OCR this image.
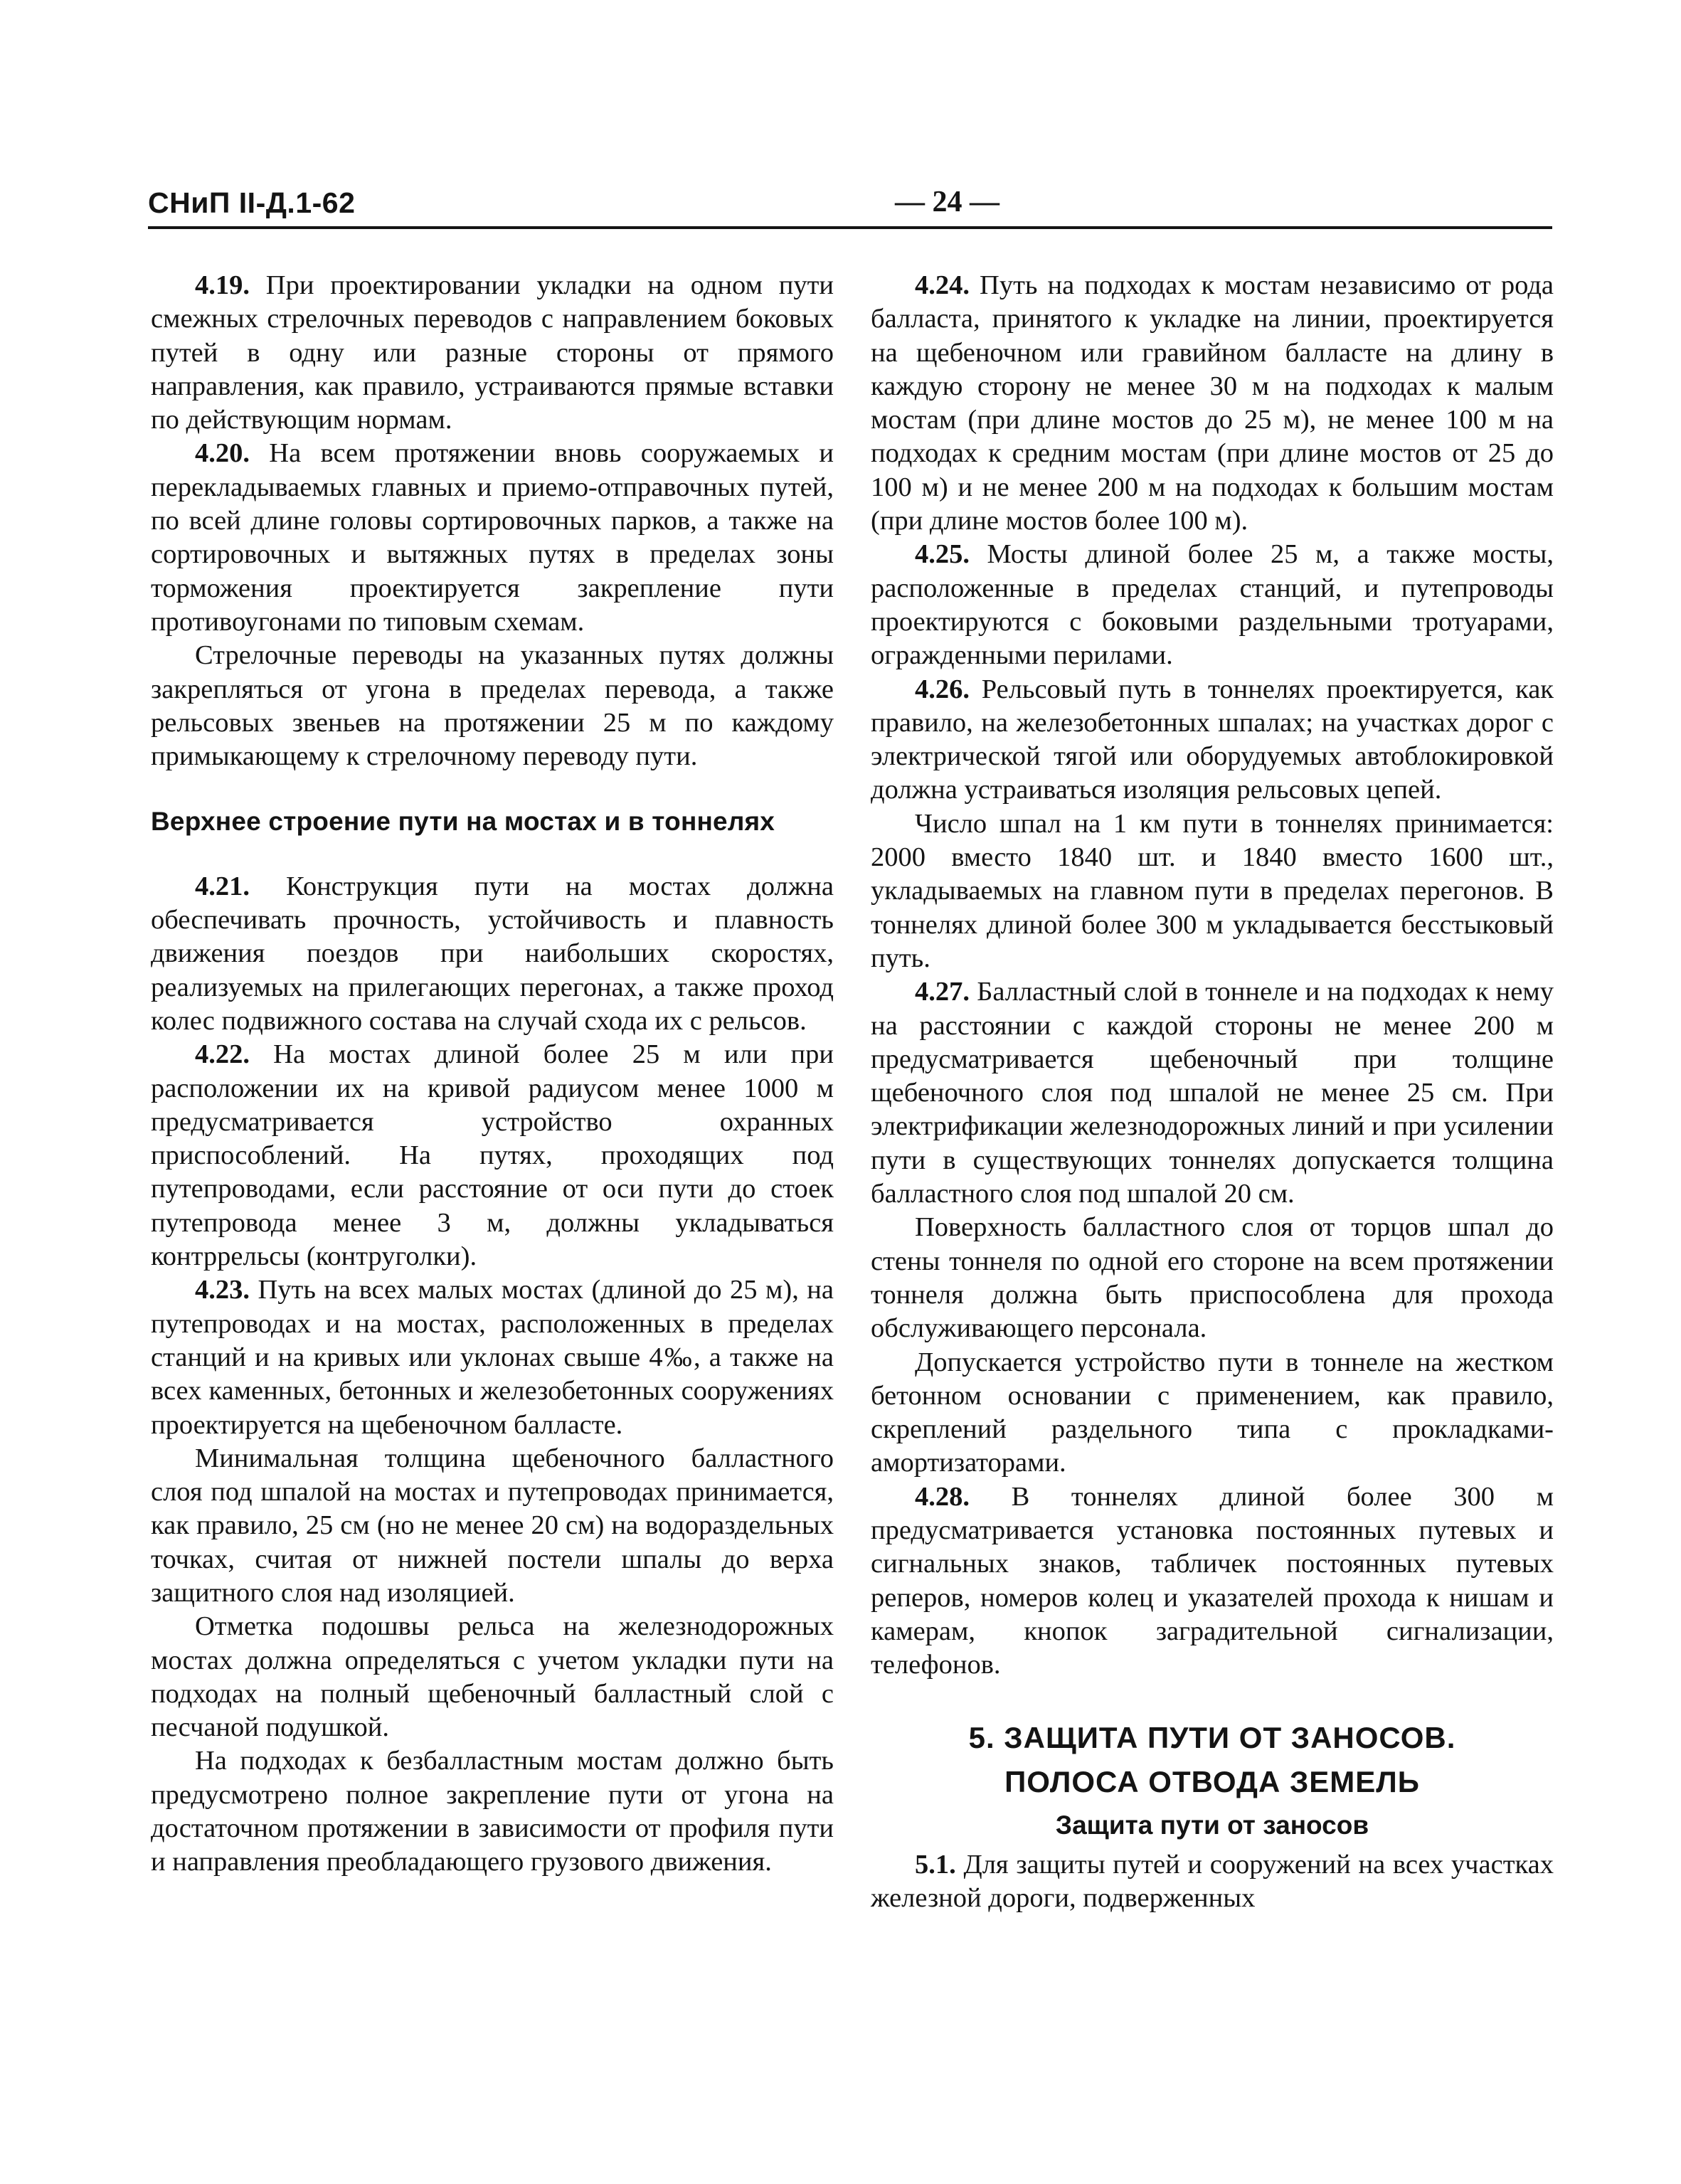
СНиП II-Д.1-62	— 24 —

4.19. При проектировании укладки на одном пути смежных стрелочных переводов с направлением боковых путей в одну или разные стороны от прямого направления, как правило, устраиваются прямые вставки по действующим нормам.

4.20. На всем протяжении вновь сооружаемых и перекладываемых главных и приемо-отправочных путей, по всей длине головы сортировочных парков, а также на сортировочных и вытяжных путях в пределах зоны торможения проектируется закрепление пути противоугонами по типовым схемам.

Стрелочные переводы на указанных путях должны закрепляться от угона в пределах перевода, а также рельсовых звеньев на протяжении 25 м по каждому примыкающему к стрелочному переводу пути.

Верхнее строение пути на мостах и в тоннелях

4.21. Конструкция пути на мостах должна обеспечивать прочность, устойчивость и плавность движения поездов при наибольших скоростях, реализуемых на прилегающих перегонах, а также проход колес подвижного состава на случай схода их с рельсов.

4.22. На мостах длиной более 25 м или при расположении их на кривой радиусом менее 1000 м предусматривается устройство охранных приспособлений. На путях, проходящих под путепроводами, если расстояние от оси пути до стоек путепровода менее 3 м, должны укладываться контррельсы (контруголки).

4.23. Путь на всех малых мостах (длиной до 25 м), на путепроводах и на мостах, расположенных в пределах станций и на кривых или уклонах свыше 4‰, а также на всех каменных, бетонных и железобетонных сооружениях проектируется на щебеночном балласте.

Минимальная толщина щебеночного балластного слоя под шпалой на мостах и путепроводах принимается, как правило, 25 см (но не менее 20 см) на водораздельных точках, считая от нижней постели шпалы до верха защитного слоя над изоляцией.

Отметка подошвы рельса на железнодорожных мостах должна определяться с учетом укладки пути на подходах на полный щебеночный балластный слой с песчаной подушкой.

На подходах к безбалластным мостам должно быть предусмотрено полное закрепление пути от угона на достаточном протяжении в зависимости от профиля пути и направления преобладающего грузового движения.

4.24. Путь на подходах к мостам независимо от рода балласта, принятого к укладке на линии, проектируется на щебеночном или гравийном балласте на длину в каждую сторону не менее 30 м на подходах к малым мостам (при длине мостов до 25 м), не менее 100 м на подходах к средним мостам (при длине мостов от 25 до 100 м) и не менее 200 м на подходах к большим мостам (при длине мостов более 100 м).

4.25. Мосты длиной более 25 м, а также мосты, расположенные в пределах станций, и путепроводы проектируются с боковыми раздельными тротуарами, огражденными перилами.

4.26. Рельсовый путь в тоннелях проектируется, как правило, на железобетонных шпалах; на участках дорог с электрической тягой или оборудуемых автоблокировкой должна устраиваться изоляция рельсовых цепей.

Число шпал на 1 км пути в тоннелях принимается: 2000 вместо 1840 шт. и 1840 вместо 1600 шт., укладываемых на главном пути в пределах перегонов. В тоннелях длиной более 300 м укладывается бесстыковый путь.

4.27. Балластный слой в тоннеле и на подходах к нему на расстоянии с каждой стороны не менее 200 м предусматривается щебеночный при толщине щебеночного слоя под шпалой не менее 25 см. При электрификации железнодорожных линий и при усилении пути в существующих тоннелях допускается толщина балластного слоя под шпалой 20 см.

Поверхность балластного слоя от торцов шпал до стены тоннеля по одной его стороне на всем протяжении тоннеля должна быть приспособлена для прохода обслуживающего персонала.

Допускается устройство пути в тоннеле на жестком бетонном основании с применением, как правило, скреплений раздельного типа с прокладками-амортизаторами.

4.28. В тоннелях длиной более 300 м предусматривается установка постоянных путевых и сигнальных знаков, табличек постоянных путевых реперов, номеров колец и указателей прохода к нишам и камерам, кнопок заградительной сигнализации, телефонов.

5. ЗАЩИТА ПУТИ ОТ ЗАНОСОВ.
ПОЛОСА ОТВОДА ЗЕМЕЛЬ
Защита пути от заносов

5.1. Для защиты путей и сооружений на всех участках железной дороги, подверженных
